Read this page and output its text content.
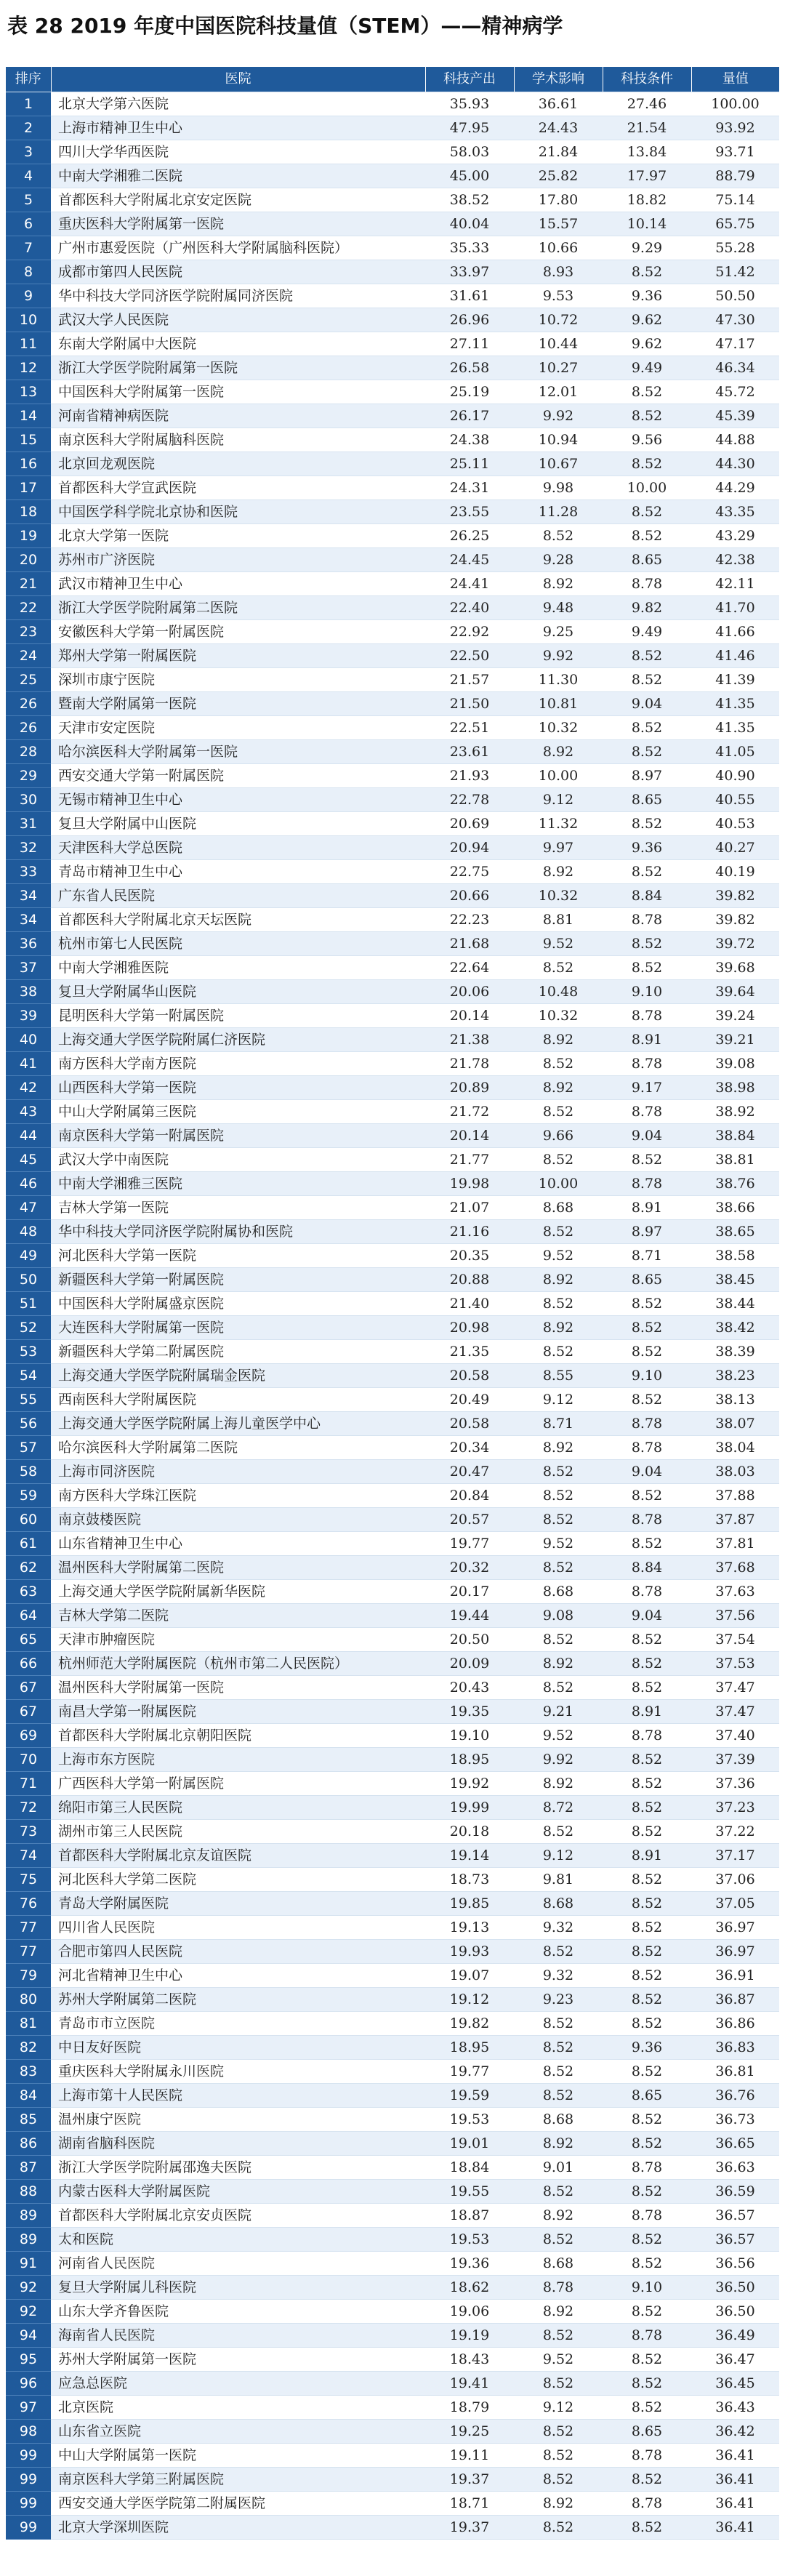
表 28 2019 年度中国医院科技量值（STEM）——精神病学
排序	医院	科技产出	学术影响	科技条件	量值
1	北京大学第六医院	35.93	36.61	27.46	100.00
2	上海市精神卫生中心	47.95	24.43	21.54	93.92
3	四川大学华西医院	58.03	21.84	13.84	93.71
4	中南大学湘雅二医院	45.00	25.82	17.97	88.79
5	首都医科大学附属北京安定医院	38.52	17.80	18.82	75.14
6	重庆医科大学附属第一医院	40.04	15.57	10.14	65.75
7	广州市惠爱医院（广州医科大学附属脑科医院）	35.33	10.66	9.29	55.28
8	成都市第四人民医院	33.97	8.93	8.52	51.42
9	华中科技大学同济医学院附属同济医院	31.61	9.53	9.36	50.50
10	武汉大学人民医院	26.96	10.72	9.62	47.30
11	东南大学附属中大医院	27.11	10.44	9.62	47.17
12	浙江大学医学院附属第一医院	26.58	10.27	9.49	46.34
13	中国医科大学附属第一医院	25.19	12.01	8.52	45.72
14	河南省精神病医院	26.17	9.92	8.52	45.39
15	南京医科大学附属脑科医院	24.38	10.94	9.56	44.88
16	北京回龙观医院	25.11	10.67	8.52	44.30
17	首都医科大学宣武医院	24.31	9.98	10.00	44.29
18	中国医学科学院北京协和医院	23.55	11.28	8.52	43.35
19	北京大学第一医院	26.25	8.52	8.52	43.29
20	苏州市广济医院	24.45	9.28	8.65	42.38
21	武汉市精神卫生中心	24.41	8.92	8.78	42.11
22	浙江大学医学院附属第二医院	22.40	9.48	9.82	41.70
23	安徽医科大学第一附属医院	22.92	9.25	9.49	41.66
24	郑州大学第一附属医院	22.50	9.92	8.52	41.46
25	深圳市康宁医院	21.57	11.30	8.52	41.39
26	暨南大学附属第一医院	21.50	10.81	9.04	41.35
26	天津市安定医院	22.51	10.32	8.52	41.35
28	哈尔滨医科大学附属第一医院	23.61	8.92	8.52	41.05
29	西安交通大学第一附属医院	21.93	10.00	8.97	40.90
30	无锡市精神卫生中心	22.78	9.12	8.65	40.55
31	复旦大学附属中山医院	20.69	11.32	8.52	40.53
32	天津医科大学总医院	20.94	9.97	9.36	40.27
33	青岛市精神卫生中心	22.75	8.92	8.52	40.19
34	广东省人民医院	20.66	10.32	8.84	39.82
34	首都医科大学附属北京天坛医院	22.23	8.81	8.78	39.82
36	杭州市第七人民医院	21.68	9.52	8.52	39.72
37	中南大学湘雅医院	22.64	8.52	8.52	39.68
38	复旦大学附属华山医院	20.06	10.48	9.10	39.64
39	昆明医科大学第一附属医院	20.14	10.32	8.78	39.24
40	上海交通大学医学院附属仁济医院	21.38	8.92	8.91	39.21
41	南方医科大学南方医院	21.78	8.52	8.78	39.08
42	山西医科大学第一医院	20.89	8.92	9.17	38.98
43	中山大学附属第三医院	21.72	8.52	8.78	38.92
44	南京医科大学第一附属医院	20.14	9.66	9.04	38.84
45	武汉大学中南医院	21.77	8.52	8.52	38.81
46	中南大学湘雅三医院	19.98	10.00	8.78	38.76
47	吉林大学第一医院	21.07	8.68	8.91	38.66
48	华中科技大学同济医学院附属协和医院	21.16	8.52	8.97	38.65
49	河北医科大学第一医院	20.35	9.52	8.71	38.58
50	新疆医科大学第一附属医院	20.88	8.92	8.65	38.45
51	中国医科大学附属盛京医院	21.40	8.52	8.52	38.44
52	大连医科大学附属第一医院	20.98	8.92	8.52	38.42
53	新疆医科大学第二附属医院	21.35	8.52	8.52	38.39
54	上海交通大学医学院附属瑞金医院	20.58	8.55	9.10	38.23
55	西南医科大学附属医院	20.49	9.12	8.52	38.13
56	上海交通大学医学院附属上海儿童医学中心	20.58	8.71	8.78	38.07
57	哈尔滨医科大学附属第二医院	20.34	8.92	8.78	38.04
58	上海市同济医院	20.47	8.52	9.04	38.03
59	南方医科大学珠江医院	20.84	8.52	8.52	37.88
60	南京鼓楼医院	20.57	8.52	8.78	37.87
61	山东省精神卫生中心	19.77	9.52	8.52	37.81
62	温州医科大学附属第二医院	20.32	8.52	8.84	37.68
63	上海交通大学医学院附属新华医院	20.17	8.68	8.78	37.63
64	吉林大学第二医院	19.44	9.08	9.04	37.56
65	天津市肿瘤医院	20.50	8.52	8.52	37.54
66	杭州师范大学附属医院（杭州市第二人民医院）	20.09	8.92	8.52	37.53
67	温州医科大学附属第一医院	20.43	8.52	8.52	37.47
67	南昌大学第一附属医院	19.35	9.21	8.91	37.47
69	首都医科大学附属北京朝阳医院	19.10	9.52	8.78	37.40
70	上海市东方医院	18.95	9.92	8.52	37.39
71	广西医科大学第一附属医院	19.92	8.92	8.52	37.36
72	绵阳市第三人民医院	19.99	8.72	8.52	37.23
73	湖州市第三人民医院	20.18	8.52	8.52	37.22
74	首都医科大学附属北京友谊医院	19.14	9.12	8.91	37.17
75	河北医科大学第二医院	18.73	9.81	8.52	37.06
76	青岛大学附属医院	19.85	8.68	8.52	37.05
77	四川省人民医院	19.13	9.32	8.52	36.97
77	合肥市第四人民医院	19.93	8.52	8.52	36.97
79	河北省精神卫生中心	19.07	9.32	8.52	36.91
80	苏州大学附属第二医院	19.12	9.23	8.52	36.87
81	青岛市市立医院	19.82	8.52	8.52	36.86
82	中日友好医院	18.95	8.52	9.36	36.83
83	重庆医科大学附属永川医院	19.77	8.52	8.52	36.81
84	上海市第十人民医院	19.59	8.52	8.65	36.76
85	温州康宁医院	19.53	8.68	8.52	36.73
86	湖南省脑科医院	19.01	8.92	8.52	36.65
87	浙江大学医学院附属邵逸夫医院	18.84	9.01	8.78	36.63
88	内蒙古医科大学附属医院	19.55	8.52	8.52	36.59
89	首都医科大学附属北京安贞医院	18.87	8.92	8.78	36.57
89	太和医院	19.53	8.52	8.52	36.57
91	河南省人民医院	19.36	8.68	8.52	36.56
92	复旦大学附属儿科医院	18.62	8.78	9.10	36.50
92	山东大学齐鲁医院	19.06	8.92	8.52	36.50
94	海南省人民医院	19.19	8.52	8.78	36.49
95	苏州大学附属第一医院	18.43	9.52	8.52	36.47
96	应急总医院	19.41	8.52	8.52	36.45
97	北京医院	18.79	9.12	8.52	36.43
98	山东省立医院	19.25	8.52	8.65	36.42
99	中山大学附属第一医院	19.11	8.52	8.78	36.41
99	南京医科大学第三附属医院	19.37	8.52	8.52	36.41
99	西安交通大学医学院第二附属医院	18.71	8.92	8.78	36.41
99	北京大学深圳医院	19.37	8.52	8.52	36.41
